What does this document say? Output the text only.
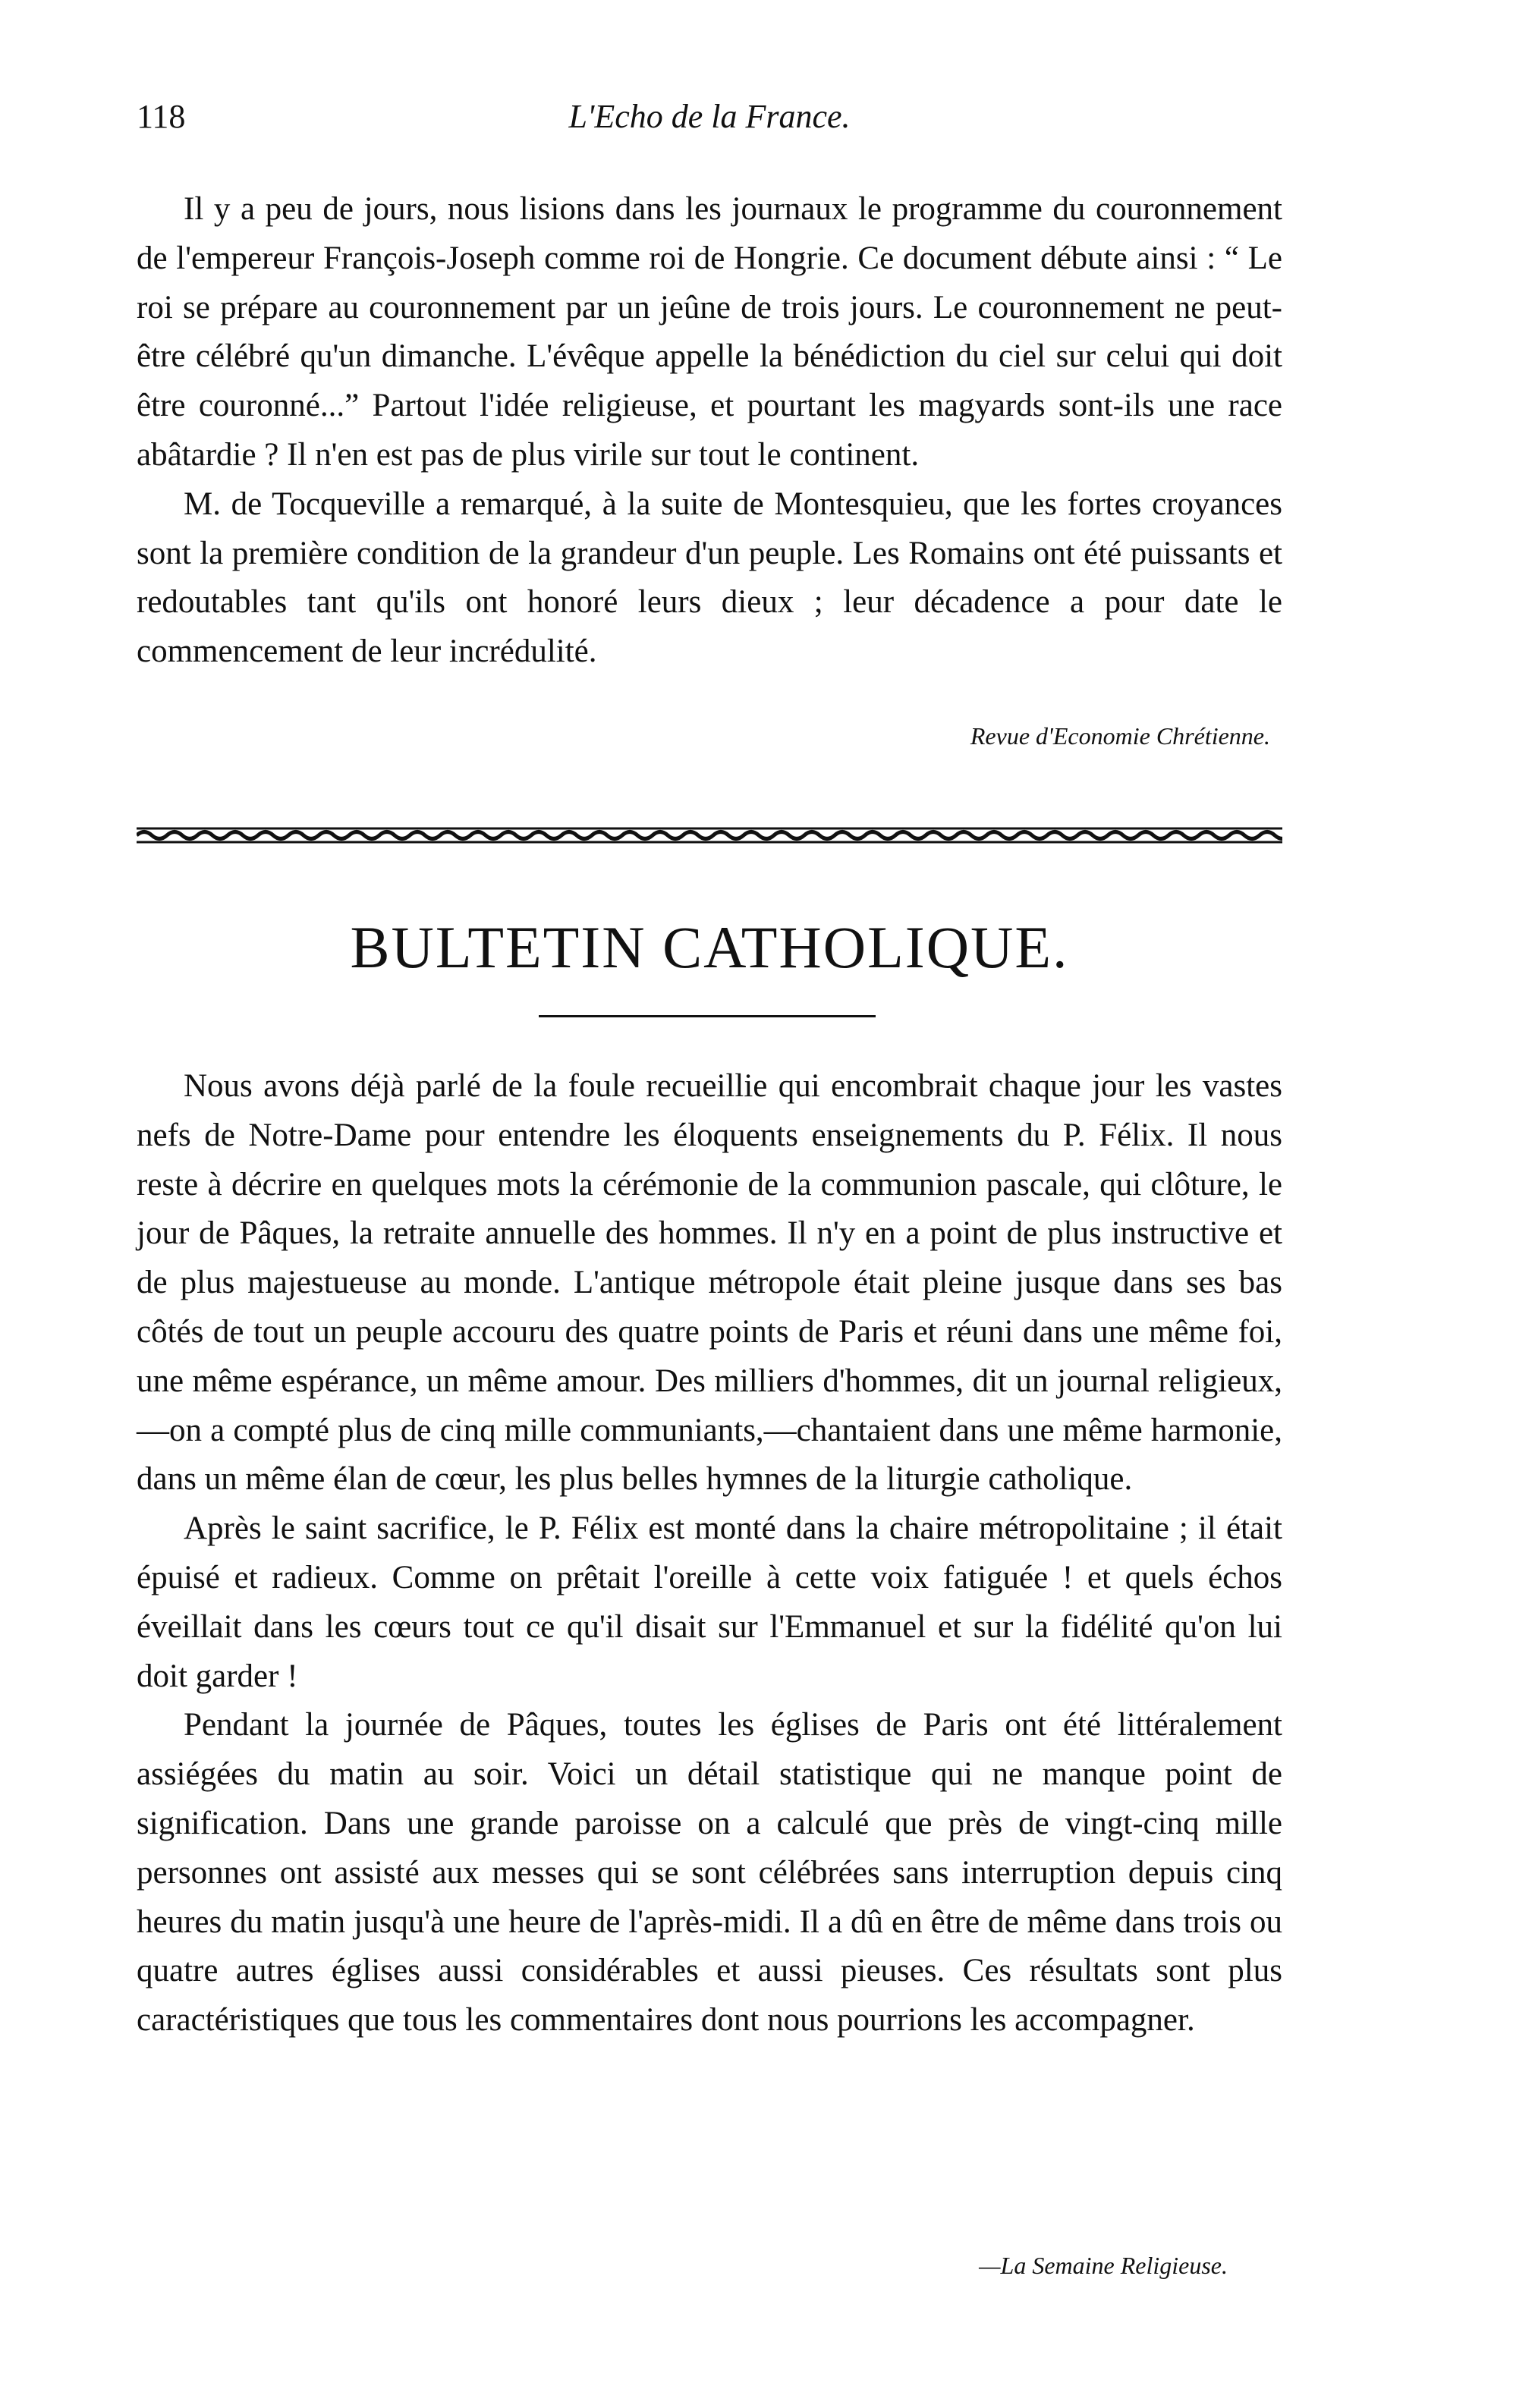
118	L'Echo de la France.

Il y a peu de jours, nous lisions dans les journaux le programme du couronnement de l'empereur François-Joseph comme roi de Hongrie. Ce document débute ainsi : “ Le roi se prépare au couronnement par un jeûne de trois jours. Le couronnement ne peut-être célébré qu'un dimanche. L'évêque appelle la bénédiction du ciel sur celui qui doit être couronné...” Partout l'idée religieuse, et pourtant les magyards sont-ils une race abâtardie ? Il n'en est pas de plus virile sur tout le continent.

M. de Tocqueville a remarqué, à la suite de Montesquieu, que les fortes croyances sont la première condition de la grandeur d'un peuple. Les Romains ont été puissants et redoutables tant qu'ils ont honoré leurs dieux ; leur décadence a pour date le commencement de leur incrédulité.

Revue d'Economie Chrétienne.
BULTETIN CATHOLIQUE.

Nous avons déjà parlé de la foule recueillie qui encombrait chaque jour les vastes nefs de Notre-Dame pour entendre les éloquents enseignements du P. Félix. Il nous reste à décrire en quelques mots la cérémonie de la communion pascale, qui clôture, le jour de Pâques, la retraite annuelle des hommes. Il n'y en a point de plus instructive et de plus majestueuse au monde. L'antique métropole était pleine jusque dans ses bas côtés de tout un peuple accouru des quatre points de Paris et réuni dans une même foi, une même espérance, un même amour. Des milliers d'hommes, dit un journal religieux,—on a compté plus de cinq mille communiants,—chantaient dans une même harmonie, dans un même élan de cœur, les plus belles hymnes de la liturgie catholique.

Après le saint sacrifice, le P. Félix est monté dans la chaire métropolitaine ; il était épuisé et radieux. Comme on prêtait l'oreille à cette voix fatiguée ! et quels échos éveillait dans les cœurs tout ce qu'il disait sur l'Emmanuel et sur la fidélité qu'on lui doit garder !

Pendant la journée de Pâques, toutes les églises de Paris ont été littéralement assiégées du matin au soir. Voici un détail statistique qui ne manque point de signification. Dans une grande paroisse on a calculé que près de vingt-cinq mille personnes ont assisté aux messes qui se sont célébrées sans interruption depuis cinq heures du matin jusqu'à une heure de l'après-midi. Il a dû en être de même dans trois ou quatre autres églises aussi considérables et aussi pieuses. Ces résultats sont plus caractéristiques que tous les commentaires dont nous pourrions les accompagner.

—La Semaine Religieuse.
